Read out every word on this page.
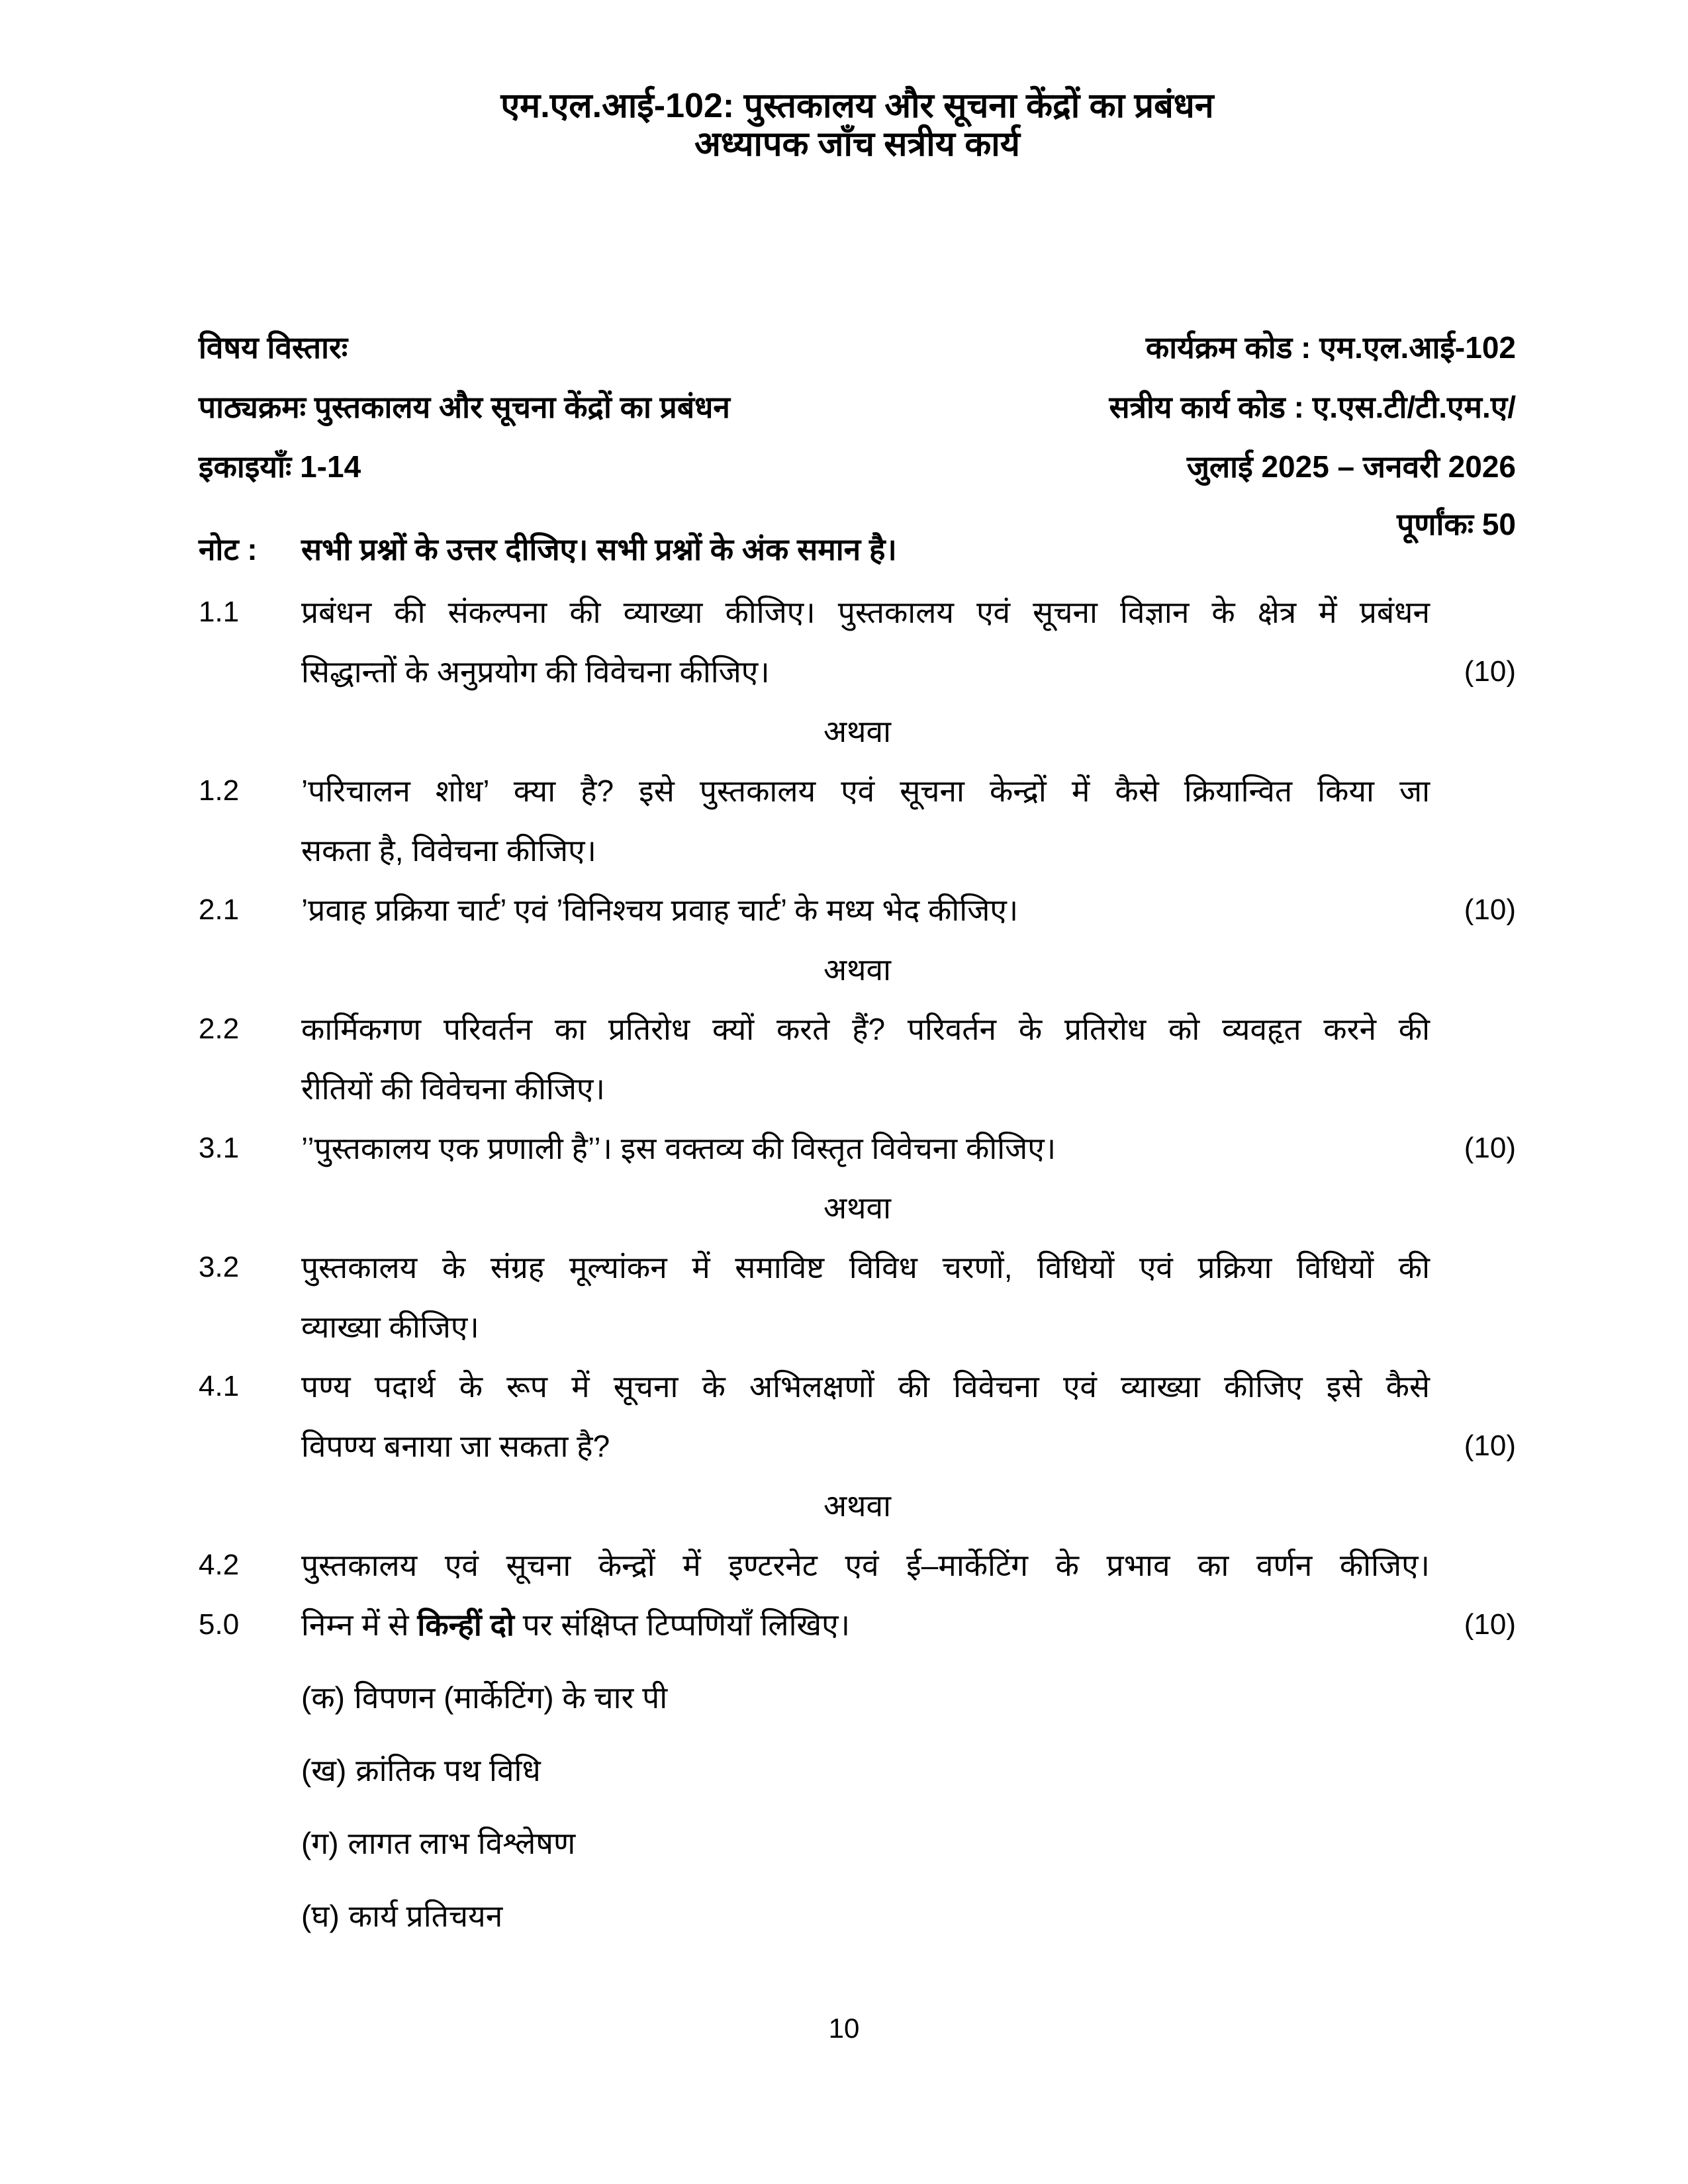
एम.एल.आई-102: पुस्तकालय और सूचना केंद्रों का प्रबंधन
अध्यापक जाँच सत्रीय कार्य
विषय विस्तारः	कार्यक्रम कोड : एम.एल.आई-102
पाठ्यक्रमः पुस्तकालय और सूचना केंद्रों का प्रबंधन	सत्रीय कार्य कोड : ए.एस.टी/टी.एम.ए/
इकाइयाँः 1-14	जुलाई 2025 – जनवरी 2026
पूर्णांकः 50
नोट :	सभी प्रश्नों के उत्तर दीजिए। सभी प्रश्नों के अंक समान है।
1.1	प्रबंधन की संकल्पना की व्याख्या कीजिए। पुस्तकालय एवं सूचना विज्ञान के क्षेत्र में प्रबंधन
सिद्धान्तों के अनुप्रयोग की विवेचना कीजिए।	(10)
अथवा
1.2	’परिचालन शोध’ क्या है? इसे पुस्तकालय एवं सूचना केन्द्रों में कैसे क्रियान्वित किया जा
सकता है, विवेचना कीजिए।
2.1	’प्रवाह प्रक्रिया चार्ट’ एवं ’विनिश्चय प्रवाह चार्ट’ के मध्य भेद कीजिए।	(10)
अथवा
2.2	कार्मिकगण परिवर्तन का प्रतिरोध क्यों करते हैं? परिवर्तन के प्रतिरोध को व्यवहृत करने की
रीतियों की विवेचना कीजिए।
3.1	’’पुस्तकालय एक प्रणाली है’’। इस वक्तव्य की विस्तृत विवेचना कीजिए।	(10)
अथवा
3.2	पुस्तकालय के संग्रह मूल्यांकन में समाविष्ट विविध चरणों, विधियों एवं प्रक्रिया विधियों की
व्याख्या कीजिए।
4.1	पण्य पदार्थ के रूप में सूचना के अभिलक्षणों की विवेचना एवं व्याख्या कीजिए इसे कैसे
विपण्य बनाया जा सकता है?	(10)
अथवा
4.2	पुस्तकालय एवं सूचना केन्द्रों में इण्टरनेट एवं ई–मार्केटिंग के प्रभाव का वर्णन कीजिए।
5.0	निम्न में से किन्हीं दो पर संक्षिप्त टिप्पणियाँ लिखिए।	(10)
(क) विपणन (मार्केटिंग) के चार पी
(ख) क्रांतिक पथ विधि
(ग) लागत लाभ विश्लेषण
(घ) कार्य प्रतिचयन
10
